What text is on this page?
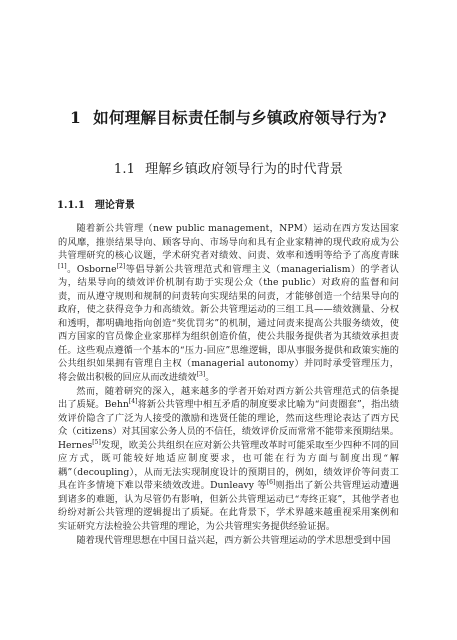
1 如何理解目标责任制与乡镇政府领导行为?
1.1 理解乡镇政府领导行为的时代背景
1.1.1 理论背景

随着新公共管理（new public management，NPM）运动在西方发达国家的风靡，推崇结果导向、顾客导向、市场导向和具有企业家精神的现代政府成为公共管理研究的核心议题，学术研究者对绩效、问责、效率和透明等给予了高度青睐[1]。Osborne[2]等倡导新公共管理范式和管理主义（managerialism）的学者认为，结果导向的绩效评价机制有助于实现公众（the public）对政府的监督和问责，而从遵守规则和规制的问责转向实现结果的问责，才能够创造一个结果导向的政府，使之获得竞争力和高绩效。新公共管理运动的三组工具——绩效测量、分权和透明，都明确地指向创造“奖优罚劣”的机制，通过问责来提高公共服务绩效，使西方国家的官员像企业家那样为组织创造价值，使公共服务提供者为其绩效承担责任。这些观点遵循一个基本的“压力-回应”思维逻辑，即从事服务提供和政策实施的公共组织如果拥有管理自主权（managerial autonomy）并同时承受管理压力，将会做出积极的回应从而改进绩效[3]。

然而，随着研究的深入，越来越多的学者开始对西方新公共管理范式的信条提出了质疑。Behn[4]将新公共管理中相互矛盾的制度要求比喻为“问责圈套”，指出绩效评价隐含了广泛为人接受的激励和选贤任能的理论，然而这些理论表达了西方民众（citizens）对其国家公务人员的不信任，绩效评价反而常常不能带来预期结果。Hernes[5]发现，欧美公共组织在应对新公共管理改革时可能采取至少四种不同的回应方式，既可能较好地适应制度要求，也可能在行为方面与制度出现“解耦”（decoupling），从而无法实现制度设计的预期目的，例如，绩效评价等问责工具在许多情境下难以带来绩效改进。Dunleavy 等[6]则指出了新公共管理运动遭遇到诸多的难题，认为尽管仍有影响，但新公共管理运动已“寿终正寝”，其他学者也纷纷对新公共管理的逻辑提出了质疑。在此背景下，学术界越来越重视采用案例和实证研究方法检验公共管理的理论，为公共管理实务提供经验证据。

随着现代管理思想在中国日益兴起，西方新公共管理运动的学术思想受到中国
